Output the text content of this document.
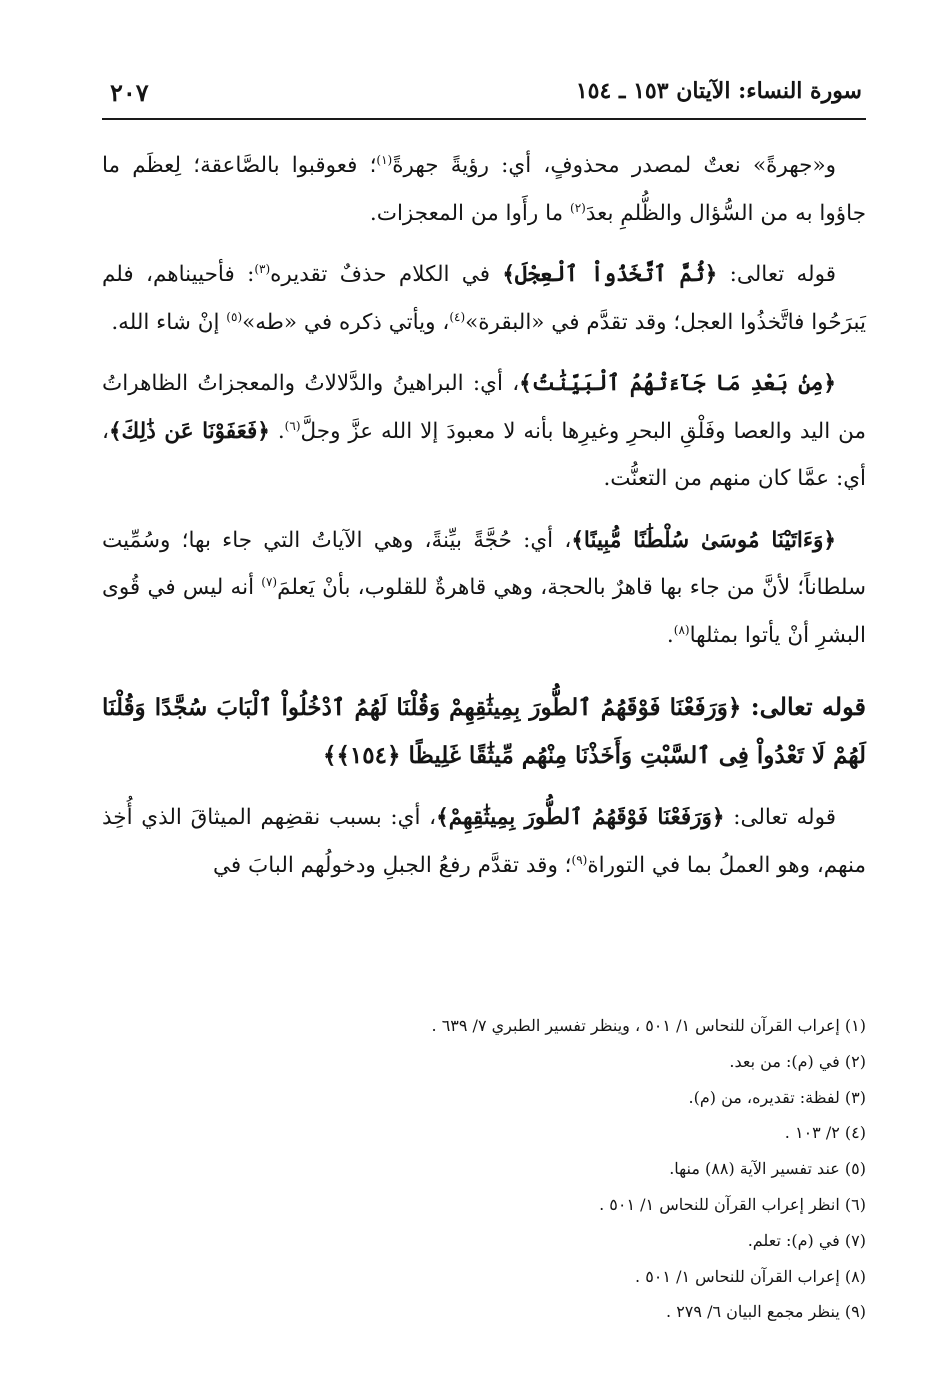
سورة النساء: الآيتان ١٥٣ ـ ١٥٤
٢٠٧

و«جهرةً» نعتٌ لمصدر محذوفٍ، أي: رؤيةً جهرةً$^{(١)}$؛ فعوقبوا بالصَّاعقة؛ لِعظَم ما جاؤوا به من السُّؤال والظُّلمِ بعدَ$^{(٢)}$ ما رأَوا من المعجزات.

قوله تعالى: ﴿ثُمَّ ٱتَّخَذُواْ ٱلْعِجْلَ﴾ في الكلام حذفٌ تقديره$^{(٣)}$: فأحييناهم، فلم يَبرَحُوا فاتَّخذُوا العجل؛ وقد تقدَّم في «البقرة»$^{(٤)}$، ويأتي ذكره في «طه»$^{(٥)}$ إنْ شاء الله.

﴿مِنۢ بَعْدِ مَا جَآءَتْهُمُ ٱلْبَيِّنَٰتُ﴾، أي: البراهينُ والدَّلالاتُ والمعجزاتُ الظاهراتُ من اليد والعصا وفَلْقِ البحرِ وغيرِها بأنه لا معبودَ إلا الله عزَّ وجلَّ$^{(٦)}$. ﴿فَعَفَوْنَا عَن ذَٰلِكَ﴾، أي: عمَّا كان منهم من التعنُّت.

﴿وَءَاتَيْنَا مُوسَىٰ سُلْطَٰنًا مُّبِينًا﴾، أي: حُجَّةً بيِّنةً، وهي الآياتُ التي جاء بها؛ وسُمِّيت سلطاناً؛ لأنَّ من جاء بها قاهرٌ بالحجة، وهي قاهرةٌ للقلوب، بأنْ يَعلمَ$^{(٧)}$ أنه ليس في قُوى البشرِ أنْ يأتوا بمثلها$^{(٨)}$.

قوله تعالى: ﴿وَرَفَعْنَا فَوْقَهُمُ ٱلطُّورَ بِمِيثَٰقِهِمْ وَقُلْنَا لَهُمُ ٱدْخُلُواْ ٱلْبَابَ سُجَّدًا وَقُلْنَا لَهُمْ لَا تَعْدُواْ فِى ٱلسَّبْتِ وَأَخَذْنَا مِنْهُم مِّيثَٰقًا غَلِيظًا ﴿١٥٤﴾﴾

قوله تعالى: ﴿وَرَفَعْنَا فَوْقَهُمُ ٱلطُّورَ بِمِيثَٰقِهِمْ﴾، أي: بسبب نقضِهم الميثاقَ الذي أُخِذ منهم، وهو العملُ بما في التوراة$^{(٩)}$؛ وقد تقدَّم رفعُ الجبلِ ودخولُهم البابَ في

(١) إعراب القرآن للنحاس ١/ ٥٠١ ، وينظر تفسير الطبري ٧/ ٦٣٩ .
(٢) في (م): من بعد.
(٣) لفظة: تقديره، من (م).
(٤) ٢/ ١٠٣ .
(٥) عند تفسير الآية (٨٨) منها.
(٦) انظر إعراب القرآن للنحاس ١/ ٥٠١ .
(٧) في (م): تعلم.
(٨) إعراب القرآن للنحاس ١/ ٥٠١ .
(٩) ينظر مجمع البيان ٦/ ٢٧٩ .
